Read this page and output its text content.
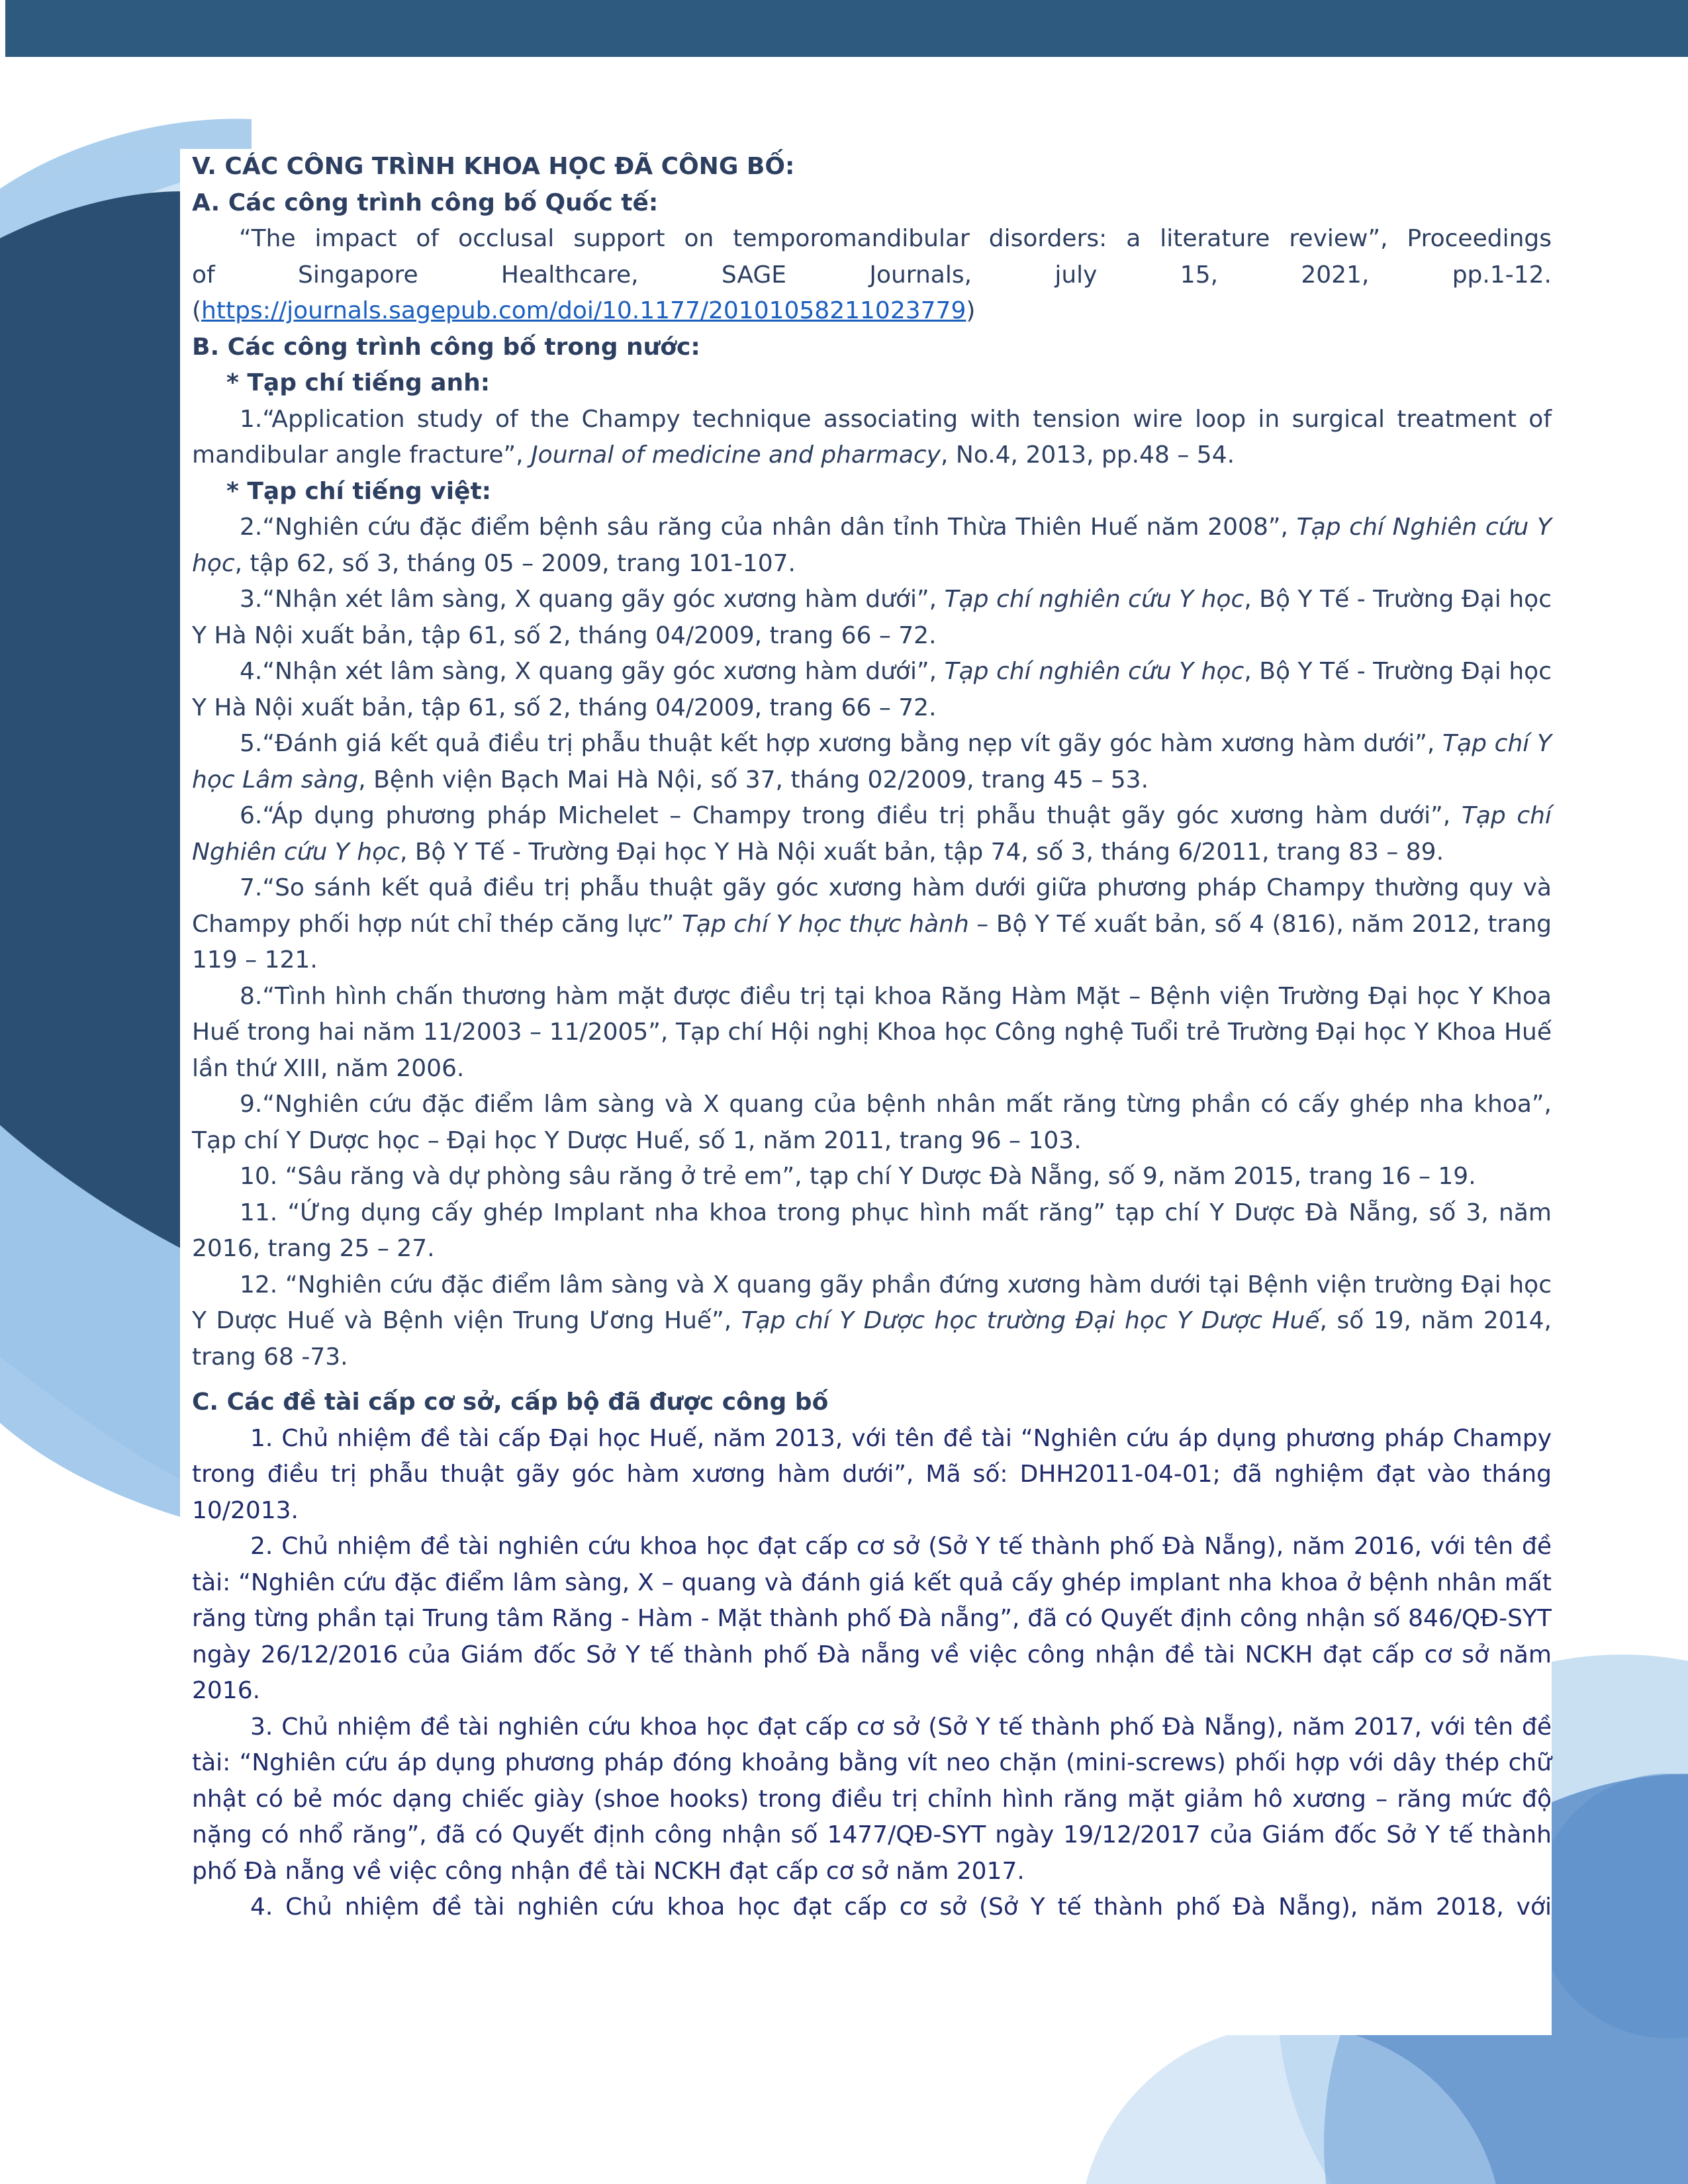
V. CÁC CÔNG TRÌNH KHOA HỌC ĐÃ CÔNG BỐ:

A. Các công trình công bố Quốc tế:

“The impact of occlusal support on temporomandibular disorders: a literature review”, Proceedings

of Singapore Healthcare, SAGE Journals, july 15, 2021, pp.1-12.

(https://journals.sagepub.com/doi/10.1177/20101058211023779)

B. Các công trình công bố trong nước:

* Tạp chí tiếng anh:

1.“Application study of the Champy technique associating with tension wire loop in surgical treatment of mandibular angle fracture”, Journal of medicine and pharmacy, No.4, 2013, pp.48 – 54.

* Tạp chí tiếng việt:

2.“Nghiên cứu đặc điểm bệnh sâu răng của nhân dân tỉnh Thừa Thiên Huế năm 2008”, Tạp chí Nghiên cứu Y học, tập 62, số 3, tháng 05 – 2009, trang 101-107.

3.“Nhận xét lâm sàng, X quang gãy góc xương hàm dưới”, Tạp chí nghiên cứu Y học, Bộ Y Tế - Trường Đại học Y Hà Nội xuất bản, tập 61, số 2, tháng 04/2009, trang 66 – 72.

4.“Nhận xét lâm sàng, X quang gãy góc xương hàm dưới”, Tạp chí nghiên cứu Y học, Bộ Y Tế - Trường Đại học Y Hà Nội xuất bản, tập 61, số 2, tháng 04/2009, trang 66 – 72.

5.“Đánh giá kết quả điều trị phẫu thuật kết hợp xương bằng nẹp vít gãy góc hàm xương hàm dưới”, Tạp chí Y học Lâm sàng, Bệnh viện Bạch Mai Hà Nội, số 37, tháng 02/2009, trang 45 – 53.

6.“Áp dụng phương pháp Michelet – Champy trong điều trị phẫu thuật gãy góc xương hàm dưới”, Tạp chí Nghiên cứu Y học, Bộ Y Tế - Trường Đại học Y Hà Nội xuất bản, tập 74, số 3, tháng 6/2011, trang 83 – 89.

7.“So sánh kết quả điều trị phẫu thuật gãy góc xương hàm dưới giữa phương pháp Champy thường quy và Champy phối hợp nút chỉ thép căng lực” Tạp chí Y học thực hành – Bộ Y Tế xuất bản, số 4 (816), năm 2012, trang 119 – 121.

8.“Tình hình chấn thương hàm mặt được điều trị tại khoa Răng Hàm Mặt – Bệnh viện Trường Đại học Y Khoa Huế trong hai năm 11/2003 – 11/2005”, Tạp chí Hội nghị Khoa học Công nghệ Tuổi trẻ Trường Đại học Y Khoa Huế lần thứ XIII, năm 2006.

9.“Nghiên cứu đặc điểm lâm sàng và X quang của bệnh nhân mất răng từng phần có cấy ghép nha khoa”, Tạp chí Y Dược học – Đại học Y Dược Huế, số 1, năm 2011, trang 96 – 103.

10. “Sâu răng và dự phòng sâu răng ở trẻ em”, tạp chí Y Dược Đà Nẵng, số 9, năm 2015, trang 16 – 19.

11. “Ứng dụng cấy ghép Implant nha khoa trong phục hình mất răng” tạp chí Y Dược Đà Nẵng, số 3, năm 2016, trang 25 – 27.

12. “Nghiên cứu đặc điểm lâm sàng và X quang gãy phần đứng xương hàm dưới tại Bệnh viện trường Đại học Y Dược Huế và Bệnh viện Trung Ương Huế”, Tạp chí Y Dược học trường Đại học Y Dược Huế, số 19, năm 2014, trang 68 -73.

C. Các đề tài cấp cơ sở, cấp bộ đã được công bố

1. Chủ nhiệm đề tài cấp Đại học Huế, năm 2013, với tên đề tài “Nghiên cứu áp dụng phương pháp Champy trong điều trị phẫu thuật gãy góc hàm xương hàm dưới”, Mã số: DHH2011-04-01; đã nghiệm đạt vào tháng 10/2013.

2. Chủ nhiệm đề tài nghiên cứu khoa học đạt cấp cơ sở (Sở Y tế thành phố Đà Nẵng), năm 2016, với tên đề tài: “Nghiên cứu đặc điểm lâm sàng, X – quang và đánh giá kết quả cấy ghép implant nha khoa ở bệnh nhân mất răng từng phần tại Trung tâm Răng - Hàm - Mặt thành phố Đà nẵng”, đã có Quyết định công nhận số 846/QĐ-SYT ngày 26/12/2016 của Giám đốc Sở Y tế thành phố Đà nẵng về việc công nhận đề tài NCKH đạt cấp cơ sở năm 2016.

3. Chủ nhiệm đề tài nghiên cứu khoa học đạt cấp cơ sở (Sở Y tế thành phố Đà Nẵng), năm 2017, với tên đề tài: “Nghiên cứu áp dụng phương pháp đóng khoảng bằng vít neo chặn (mini-screws) phối hợp với dây thép chữ nhật có bẻ móc dạng chiếc giày (shoe hooks) trong điều trị chỉnh hình răng mặt giảm hô xương – răng mức độ nặng có nhổ răng”, đã có Quyết định công nhận số 1477/QĐ-SYT ngày 19/12/2017 của Giám đốc Sở Y tế thành phố Đà nẵng về việc công nhận đề tài NCKH đạt cấp cơ sở năm 2017.

4. Chủ nhiệm đề tài nghiên cứu khoa học đạt cấp cơ sở (Sở Y tế thành phố Đà Nẵng), năm 2018, với
